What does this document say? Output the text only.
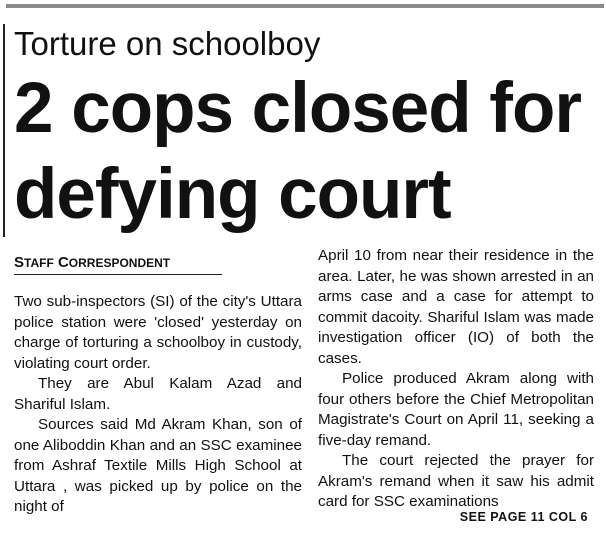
Torture on schoolboy
2 cops closed for
defying court
STAFF CORRESPONDENT

Two sub-inspectors (SI) of the city's Uttara police station were 'closed' yesterday on charge of torturing a schoolboy in custody, violating court order.

They are Abul Kalam Azad and Shariful Islam.

Sources said Md Akram Khan, son of one Aliboddin Khan and an SSC examinee from Ashraf Textile Mills High School at Uttara , was picked up by police on the night of

April 10 from near their residence in the area. Later, he was shown arrested in an arms case and a case for attempt to commit dacoity. Shariful Islam was made investigation officer (IO) of both the cases.

Police produced Akram along with four others before the Chief Metropolitan Magistrate's Court on April 11, seeking a five-day remand.

The court rejected the prayer for Akram's remand when it saw his admit card for SSC examinations

SEE PAGE 11 COL 6
